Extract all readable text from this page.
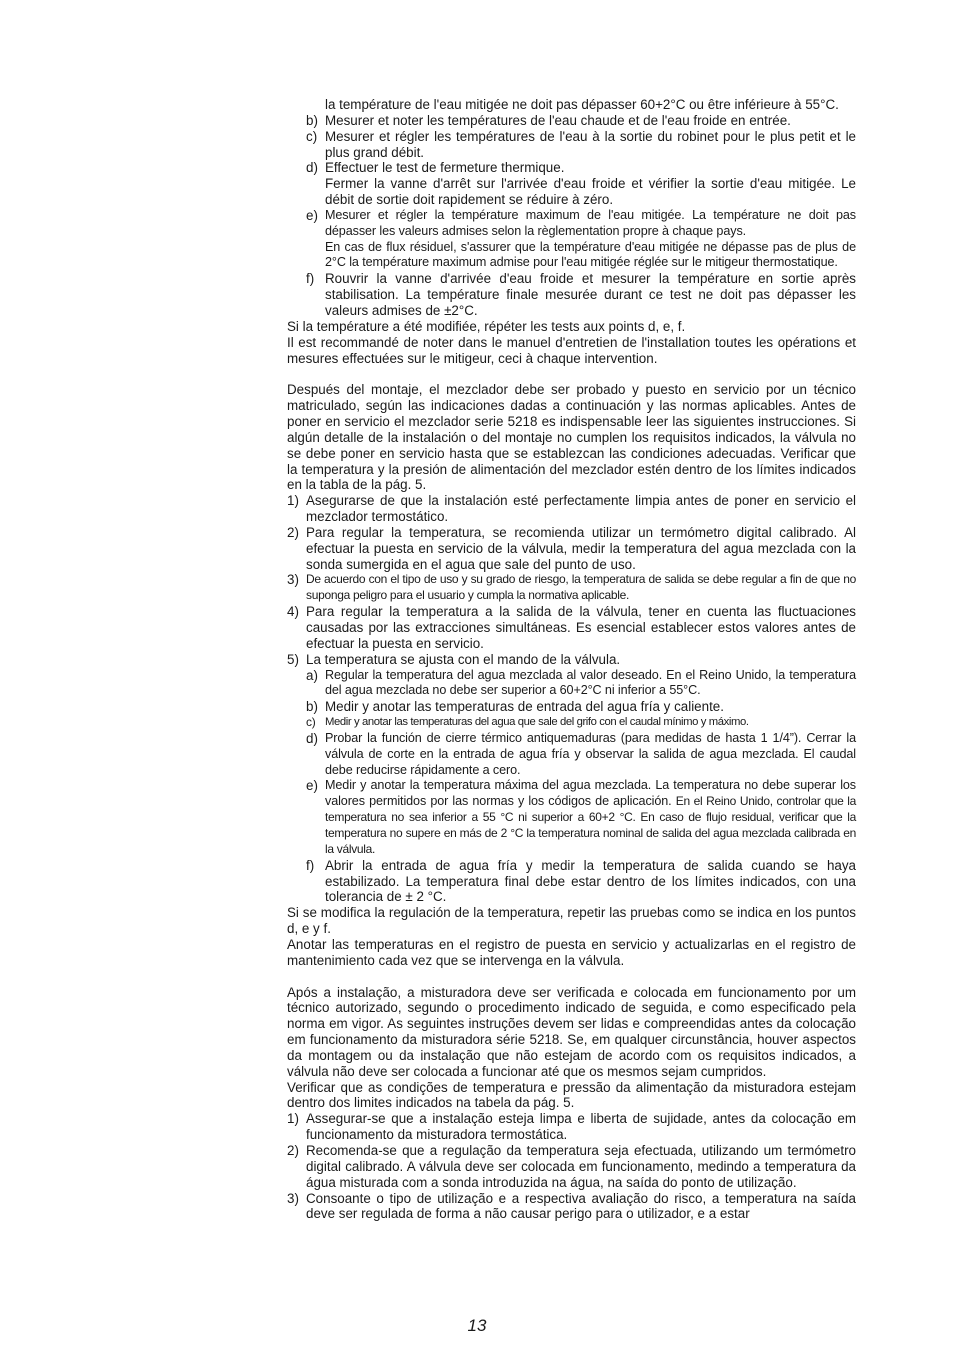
la température de l'eau mitigée ne doit pas dépasser 60+2°C ou être inférieure à 55°C.
b) Mesurer et noter les températures de l'eau chaude et de l'eau froide en entrée.
c) Mesurer et régler les températures de l'eau à la sortie du robinet pour le plus petit et le plus grand débit.
d) Effectuer le test de fermeture thermique.
Fermer la vanne d'arrêt sur l'arrivée d'eau froide et vérifier la sortie d'eau mitigée. Le débit de sortie doit rapidement se réduire à zéro.
e) Mesurer et régler la température maximum de l'eau mitigée. La température ne doit pas dépasser les valeurs admises selon la règlementation propre à chaque pays.
En cas de flux résiduel, s'assurer que la température d'eau mitigée ne dépasse pas de plus de 2°C la température maximum admise pour l'eau mitigée réglée sur le mitigeur thermostatique.
f) Rouvrir la vanne d'arrivée d'eau froide et mesurer la température en sortie après stabilisation. La température finale mesurée durant ce test ne doit pas dépasser les valeurs admises de ±2°C.

Si la température a été modifiée, répéter les tests aux points d, e, f.

Il est recommandé de noter dans le manuel d'entretien de l'installation toutes les opérations et mesures effectuées sur le mitigeur, ceci à chaque intervention.

Después del montaje, el mezclador debe ser probado y puesto en servicio por un técnico matriculado, según las indicaciones dadas a continuación y las normas aplicables. Antes de poner en servicio el mezclador serie 5218 es indispensable leer las siguientes instrucciones. Si algún detalle de la instalación o del montaje no cumplen los requisitos indicados, la válvula no se debe poner en servicio hasta que se establezcan las condiciones adecuadas. Verificar que la temperatura y la presión de alimentación del mezclador estén dentro de los límites indicados en la tabla de la pág. 5.

1) Asegurarse de que la instalación esté perfectamente limpia antes de poner en servicio el mezclador termostático.
2) Para regular la temperatura, se recomienda utilizar un termómetro digital calibrado. Al efectuar la puesta en servicio de la válvula, medir la temperatura del agua mezclada con la sonda sumergida en el agua que sale del punto de uso.
3) De acuerdo con el tipo de uso y su grado de riesgo, la temperatura de salida se debe regular a fin de que no suponga peligro para el usuario y cumpla la normativa aplicable.
4) Para regular la temperatura a la salida de la válvula, tener en cuenta las fluctuaciones causadas por las extracciones simultáneas. Es esencial establecer estos valores antes de efectuar la puesta en servicio.
5) La temperatura se ajusta con el mando de la válvula.
a) Regular la temperatura del agua mezclada al valor deseado. En el Reino Unido, la temperatura del agua mezclada no debe ser superior a 60+2°C ni inferior a 55°C.
b) Medir y anotar las temperaturas de entrada del agua fría y caliente.
c) Medir y anotar las temperaturas del agua que sale del grifo con el caudal mínimo y máximo.
d) Probar la función de cierre térmico antiquemaduras (para medidas de hasta 1 1/4”). Cerrar la válvula de corte en la entrada de agua fría y observar la salida de agua mezclada. El caudal debe reducirse rápidamente a cero.
e) Medir y anotar la temperatura máxima del agua mezclada. La temperatura no debe superar los valores permitidos por las normas y los códigos de aplicación. En el Reino Unido, controlar que la temperatura no sea inferior a 55 °C ni superior a 60+2 °C. En caso de flujo residual, verificar que la temperatura no supere en más de 2 °C la temperatura nominal de salida del agua mezclada calibrada en la válvula.
f) Abrir la entrada de agua fría y medir la temperatura de salida cuando se haya estabilizado. La temperatura final debe estar dentro de los límites indicados, con una tolerancia de ± 2 °C.

Si se modifica la regulación de la temperatura, repetir las pruebas como se indica en los puntos d, e y f.

Anotar las temperaturas en el registro de puesta en servicio y actualizarlas en el registro de mantenimiento cada vez que se intervenga en la válvula.

Após a instalação, a misturadora deve ser verificada e colocada em funcionamento por um técnico autorizado, segundo o procedimento indicado de seguida, e como especificado pela norma em vigor. As seguintes instruções devem ser lidas e compreendidas antes da colocação em funcionamento da misturadora série 5218. Se, em qualquer circunstância, houver aspectos da montagem ou da instalação que não estejam de acordo com os requisitos indicados, a válvula não deve ser colocada a funcionar até que os mesmos sejam cumpridos.

Verificar que as condições de temperatura e pressão da alimentação da misturadora estejam dentro dos limites indicados na tabela da pág. 5.

1) Assegurar-se que a instalação esteja limpa e liberta de sujidade, antes da colocação em funcionamento da misturadora termostática.
2) Recomenda-se que a regulação da temperatura seja efectuada, utilizando um termómetro digital calibrado. A válvula deve ser colocada em funcionamento, medindo a temperatura da água misturada com a sonda introduzida na água, na saída do ponto de utilização.
3) Consoante o tipo de utilização e a respectiva avaliação do risco, a temperatura na saída deve ser regulada de forma a não causar perigo para o utilizador, e a estar
13
